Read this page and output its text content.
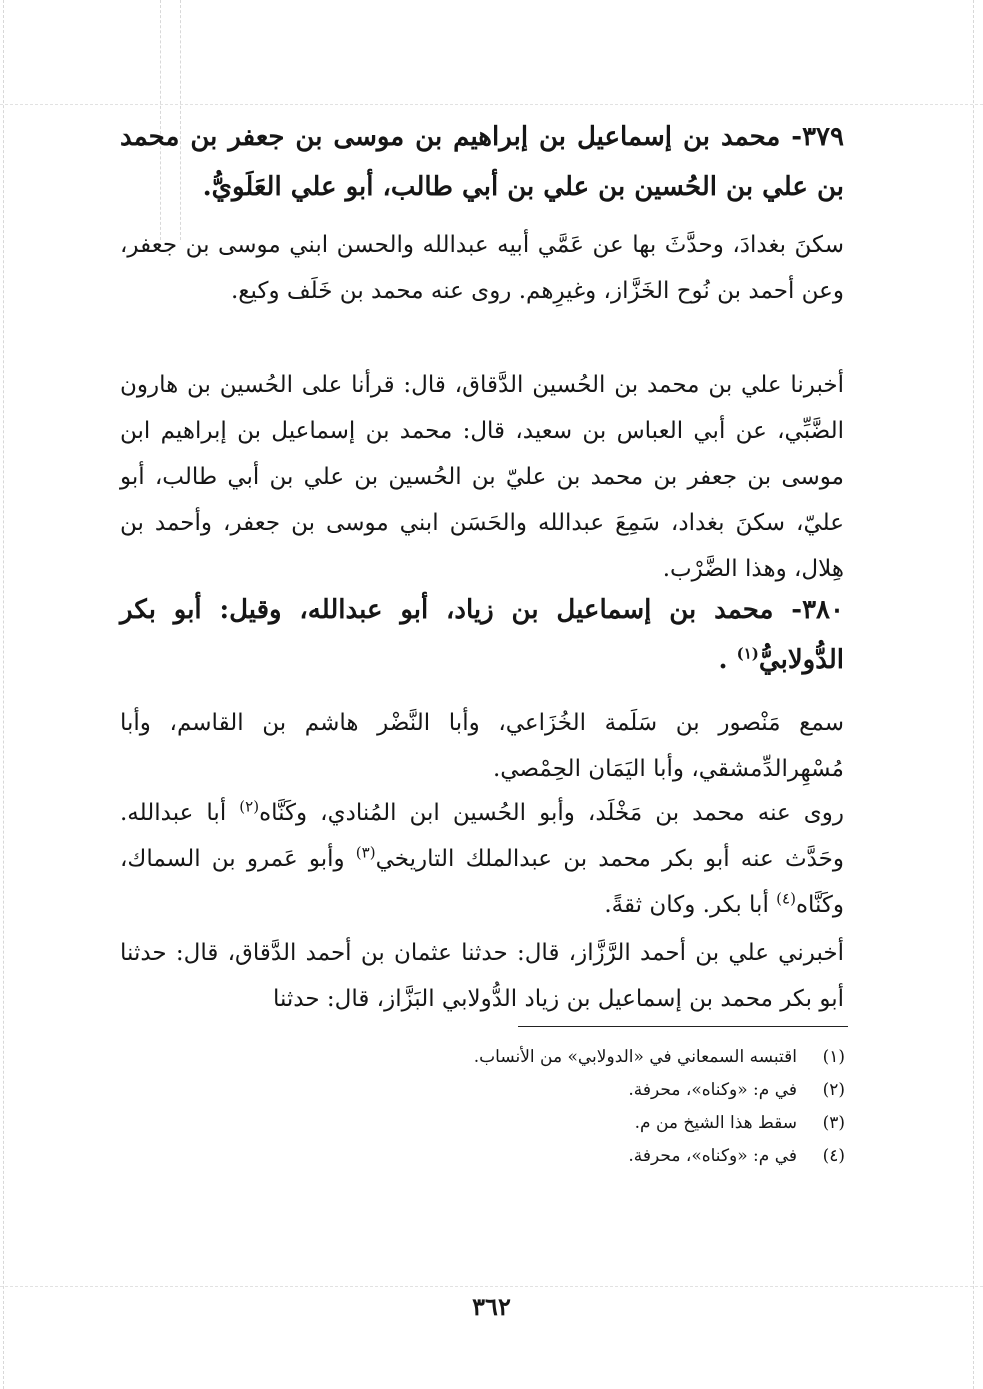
٣٧٩- محمد بن إسماعيل بن إبراهيم بن موسى بن جعفر بن محمد بن علي بن الحُسين بن علي بن أبي طالب، أبو علي العَلَويُّ.
سكنَ بغدادَ، وحدَّثَ بها عن عَمَّي أبيه عبدالله والحسن ابني موسى بن جعفر، وعن أحمد بن نُوح الخَزَّاز، وغيرِهم. روى عنه محمد بن خَلَف وكيع.
أخبرنا علي بن محمد بن الحُسين الدَّقاق، قال: قرأنا على الحُسين بن هارون الضَّبِّي، عن أبي العباس بن سعيد، قال: محمد بن إسماعيل بن إبراهيم ابن موسى بن جعفر بن محمد بن عليّ بن الحُسين بن علي بن أبي طالب، أبو عليّ، سكنَ بغداد، سَمِعَ عبدالله والحَسَن ابني موسى بن جعفر، وأحمد بن هِلال، وهذا الضَّرْب.
٣٨٠- محمد بن إسماعيل بن زياد، أبو عبدالله، وقيل: أبو بكر الدُّولابيُّ$^{(١)}$ .
سمع مَنْصور بن سَلَمة الخُزَاعي، وأبا النَّضْر هاشم بن القاسم، وأبا مُسْهِرالدِّمشقي، وأبا اليَمَان الحِمْصي.
روى عنه محمد بن مَخْلَد، وأبو الحُسين ابن المُنادي، وكَنَّاه$^{(٢)}$ أبا عبدالله. وحَدَّث عنه أبو بكر محمد بن عبدالملك التاريخي$^{(٣)}$ وأبو عَمرو بن السماك، وكَنَّاه$^{(٤)}$ أبا بكر. وكان ثقةً.
أخبرني علي بن أحمد الرَّزَّاز، قال: حدثنا عثمان بن أحمد الدَّقاق، قال: حدثنا أبو بكر محمد بن إسماعيل بن زياد الدُّولابي البَزَّاز، قال: حدثنا
(١)
اقتبسه السمعاني في «الدولابي» من الأنساب.
(٢)
في م: «وكناه»، محرفة.
(٣)
سقط هذا الشيخ من م.
(٤)
في م: «وكناه»، محرفة.
٣٦٢
